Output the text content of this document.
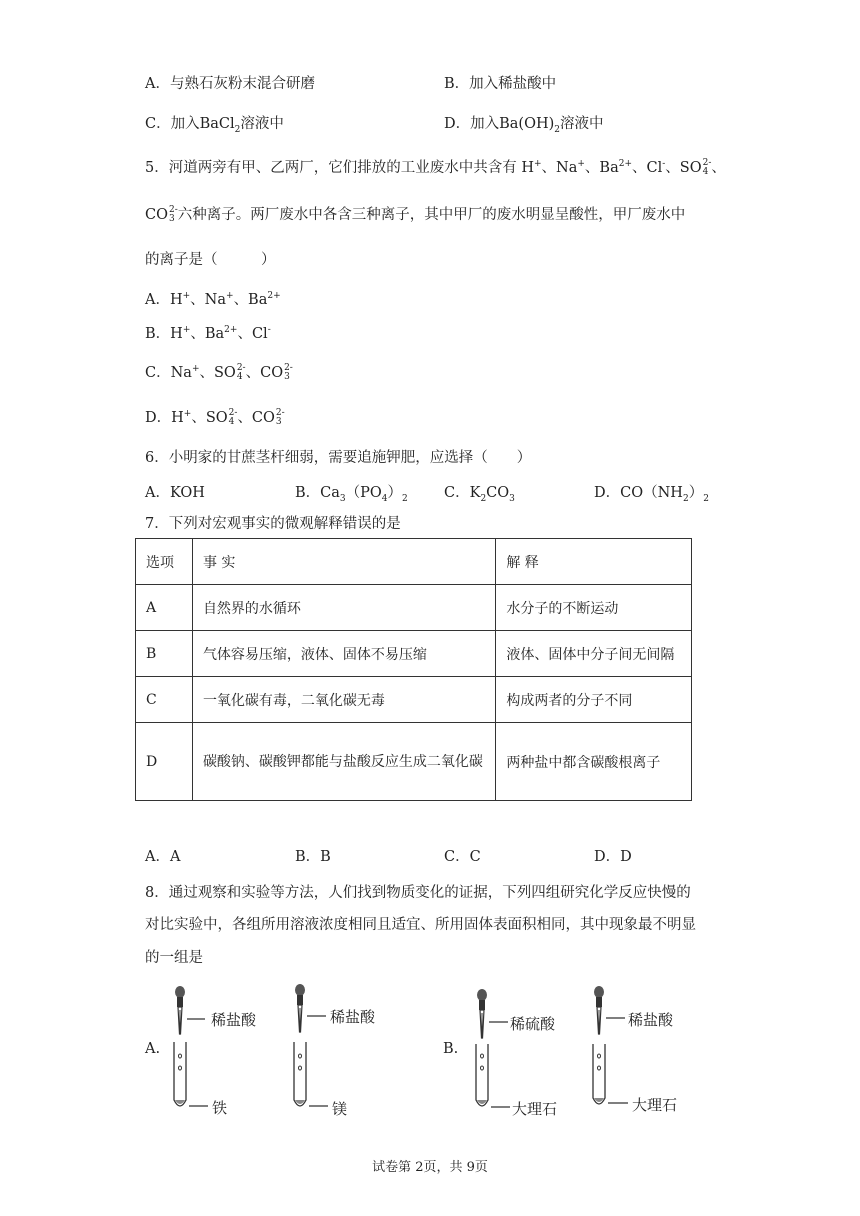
A．与熟石灰粉末混合研磨	B．加入稀盐酸中
C．加入BaCl$_2$溶液中	D．加入$Ba(OH)_2$溶液中
5．河道两旁有甲、乙两厂，它们排放的工业废水中共含有 H+、Na+、$Ba^{2+}$、Cl-、SO 2-
4 、
CO 2-
3 六种离子。两厂废水中各含三种离子，其中甲厂的废水明显呈酸性，甲厂废水中
的离子是（　　　）
A．H+、Na+、$Ba^{2+}$
B．H+、$Ba^{2+}$、Cl-
C．Na+、SO 2-
4 、CO 2-
3
D．H+、SO 2-
4 、CO 2-
3
6．小明家的甘蔗茎杆细弱，需要追施钾肥，应选择（　　）
A．KOH	B．$Ca_3(PO_4)_2$ C．$K_2CO_3$	D．$CO(NH_2)_2$
7．下列对宏观事实的微观解释错误的是
选项	事 实	解 释
A	自然界的水循环	水分子的不断运动
B	气体容易压缩，液体、固体不易压缩	液体、固体中分子间无间隔
C	一氧化碳有毒，二氧化碳无毒	构成两者的分子不同
D	碳酸钠、碳酸钾都能与盐酸反应生成二氧化碳	两种盐中都含碳酸根离子
A．A	B．B	C．C	D．D
8．通过观察和实验等方法，人们找到物质变化的证据，下列四组研究化学反应快慢的
对比实验中，各组所用溶液浓度相同且适宜、所用固体表面积相同，其中现象最不明显
的一组是
A.	B.
稀盐酸
铁
稀盐酸
镁
稀硫酸
大理石
稀盐酸
大理石
试卷第 2页，共 9页
